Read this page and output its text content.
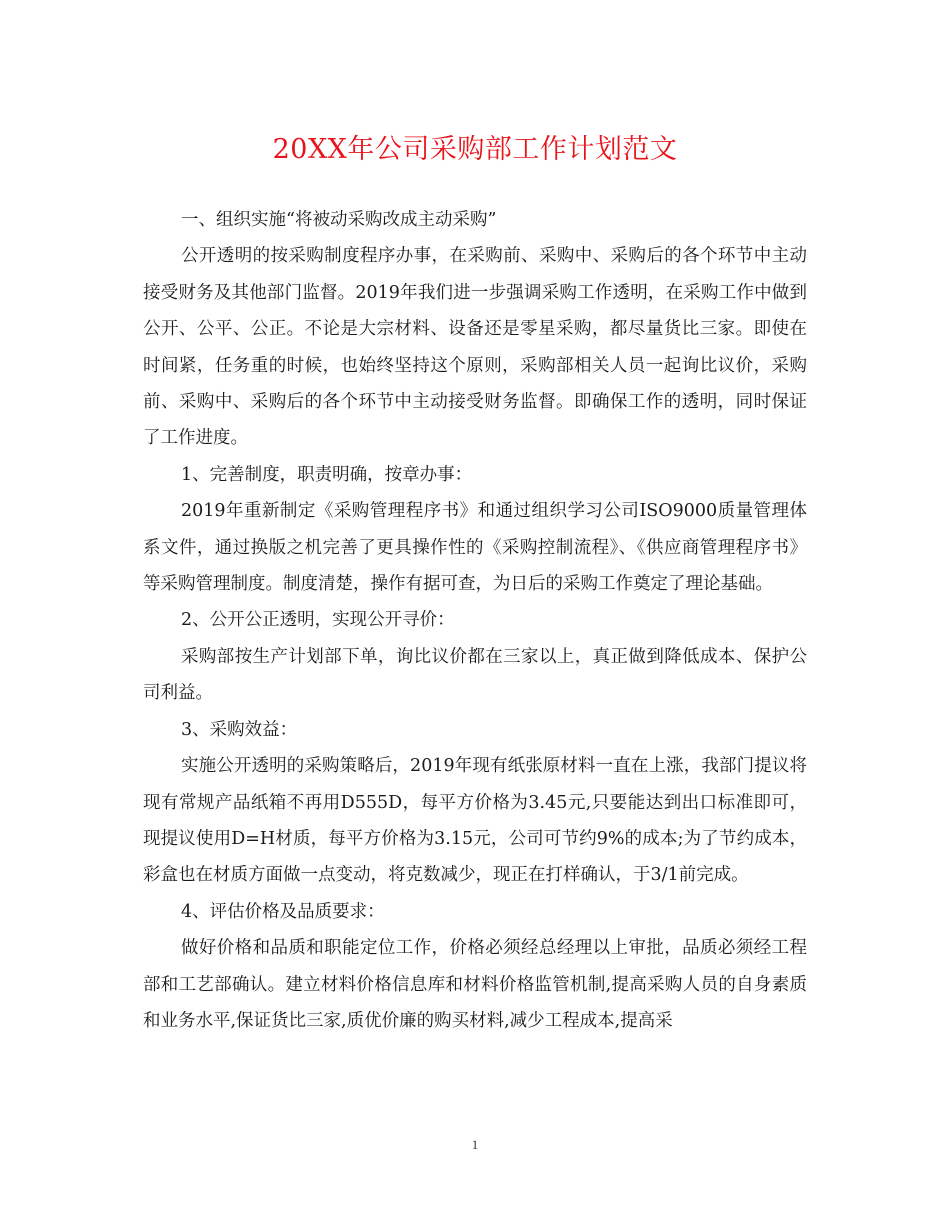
20XX年公司采购部工作计划范文

一、组织实施“将被动采购改成主动采购”

公开透明的按采购制度程序办事，在采购前、采购中、采购后的各个环节中主动接受财务及其他部门监督。2019年我们进一步强调采购工作透明，在采购工作中做到公开、公平、公正。不论是大宗材料、设备还是零星采购，都尽量货比三家。即使在时间紧，任务重的时候，也始终坚持这个原则，采购部相关人员一起询比议价，采购前、采购中、采购后的各个环节中主动接受财务监督。即确保工作的透明，同时保证了工作进度。

1、完善制度，职责明确，按章办事：

2019年重新制定《采购管理程序书》和通过组织学习公司ISO9000质量管理体系文件，通过换版之机完善了更具操作性的《采购控制流程》、《供应商管理程序书》等采购管理制度。制度清楚，操作有据可查，为日后的采购工作奠定了理论基础。

2、公开公正透明，实现公开寻价：

采购部按生产计划部下单，询比议价都在三家以上，真正做到降低成本、保护公司利益。

3、采购效益：

实施公开透明的采购策略后，2019年现有纸张原材料一直在上涨，我部门提议将现有常规产品纸箱不再用D555D，每平方价格为3.45元,只要能达到出口标准即可，现提议使用D=H材质，每平方价格为3.15元，公司可节约9%的成本;为了节约成本，彩盒也在材质方面做一点变动，将克数减少，现正在打样确认，于3/1前完成。

4、评估价格及品质要求：

做好价格和品质和职能定位工作，价格必须经总经理以上审批，品质必须经工程部和工艺部确认。建立材料价格信息库和材料价格监管机制,提高采购人员的自身素质和业务水平,保证货比三家,质优价廉的购买材料,减少工程成本,提高采

1
